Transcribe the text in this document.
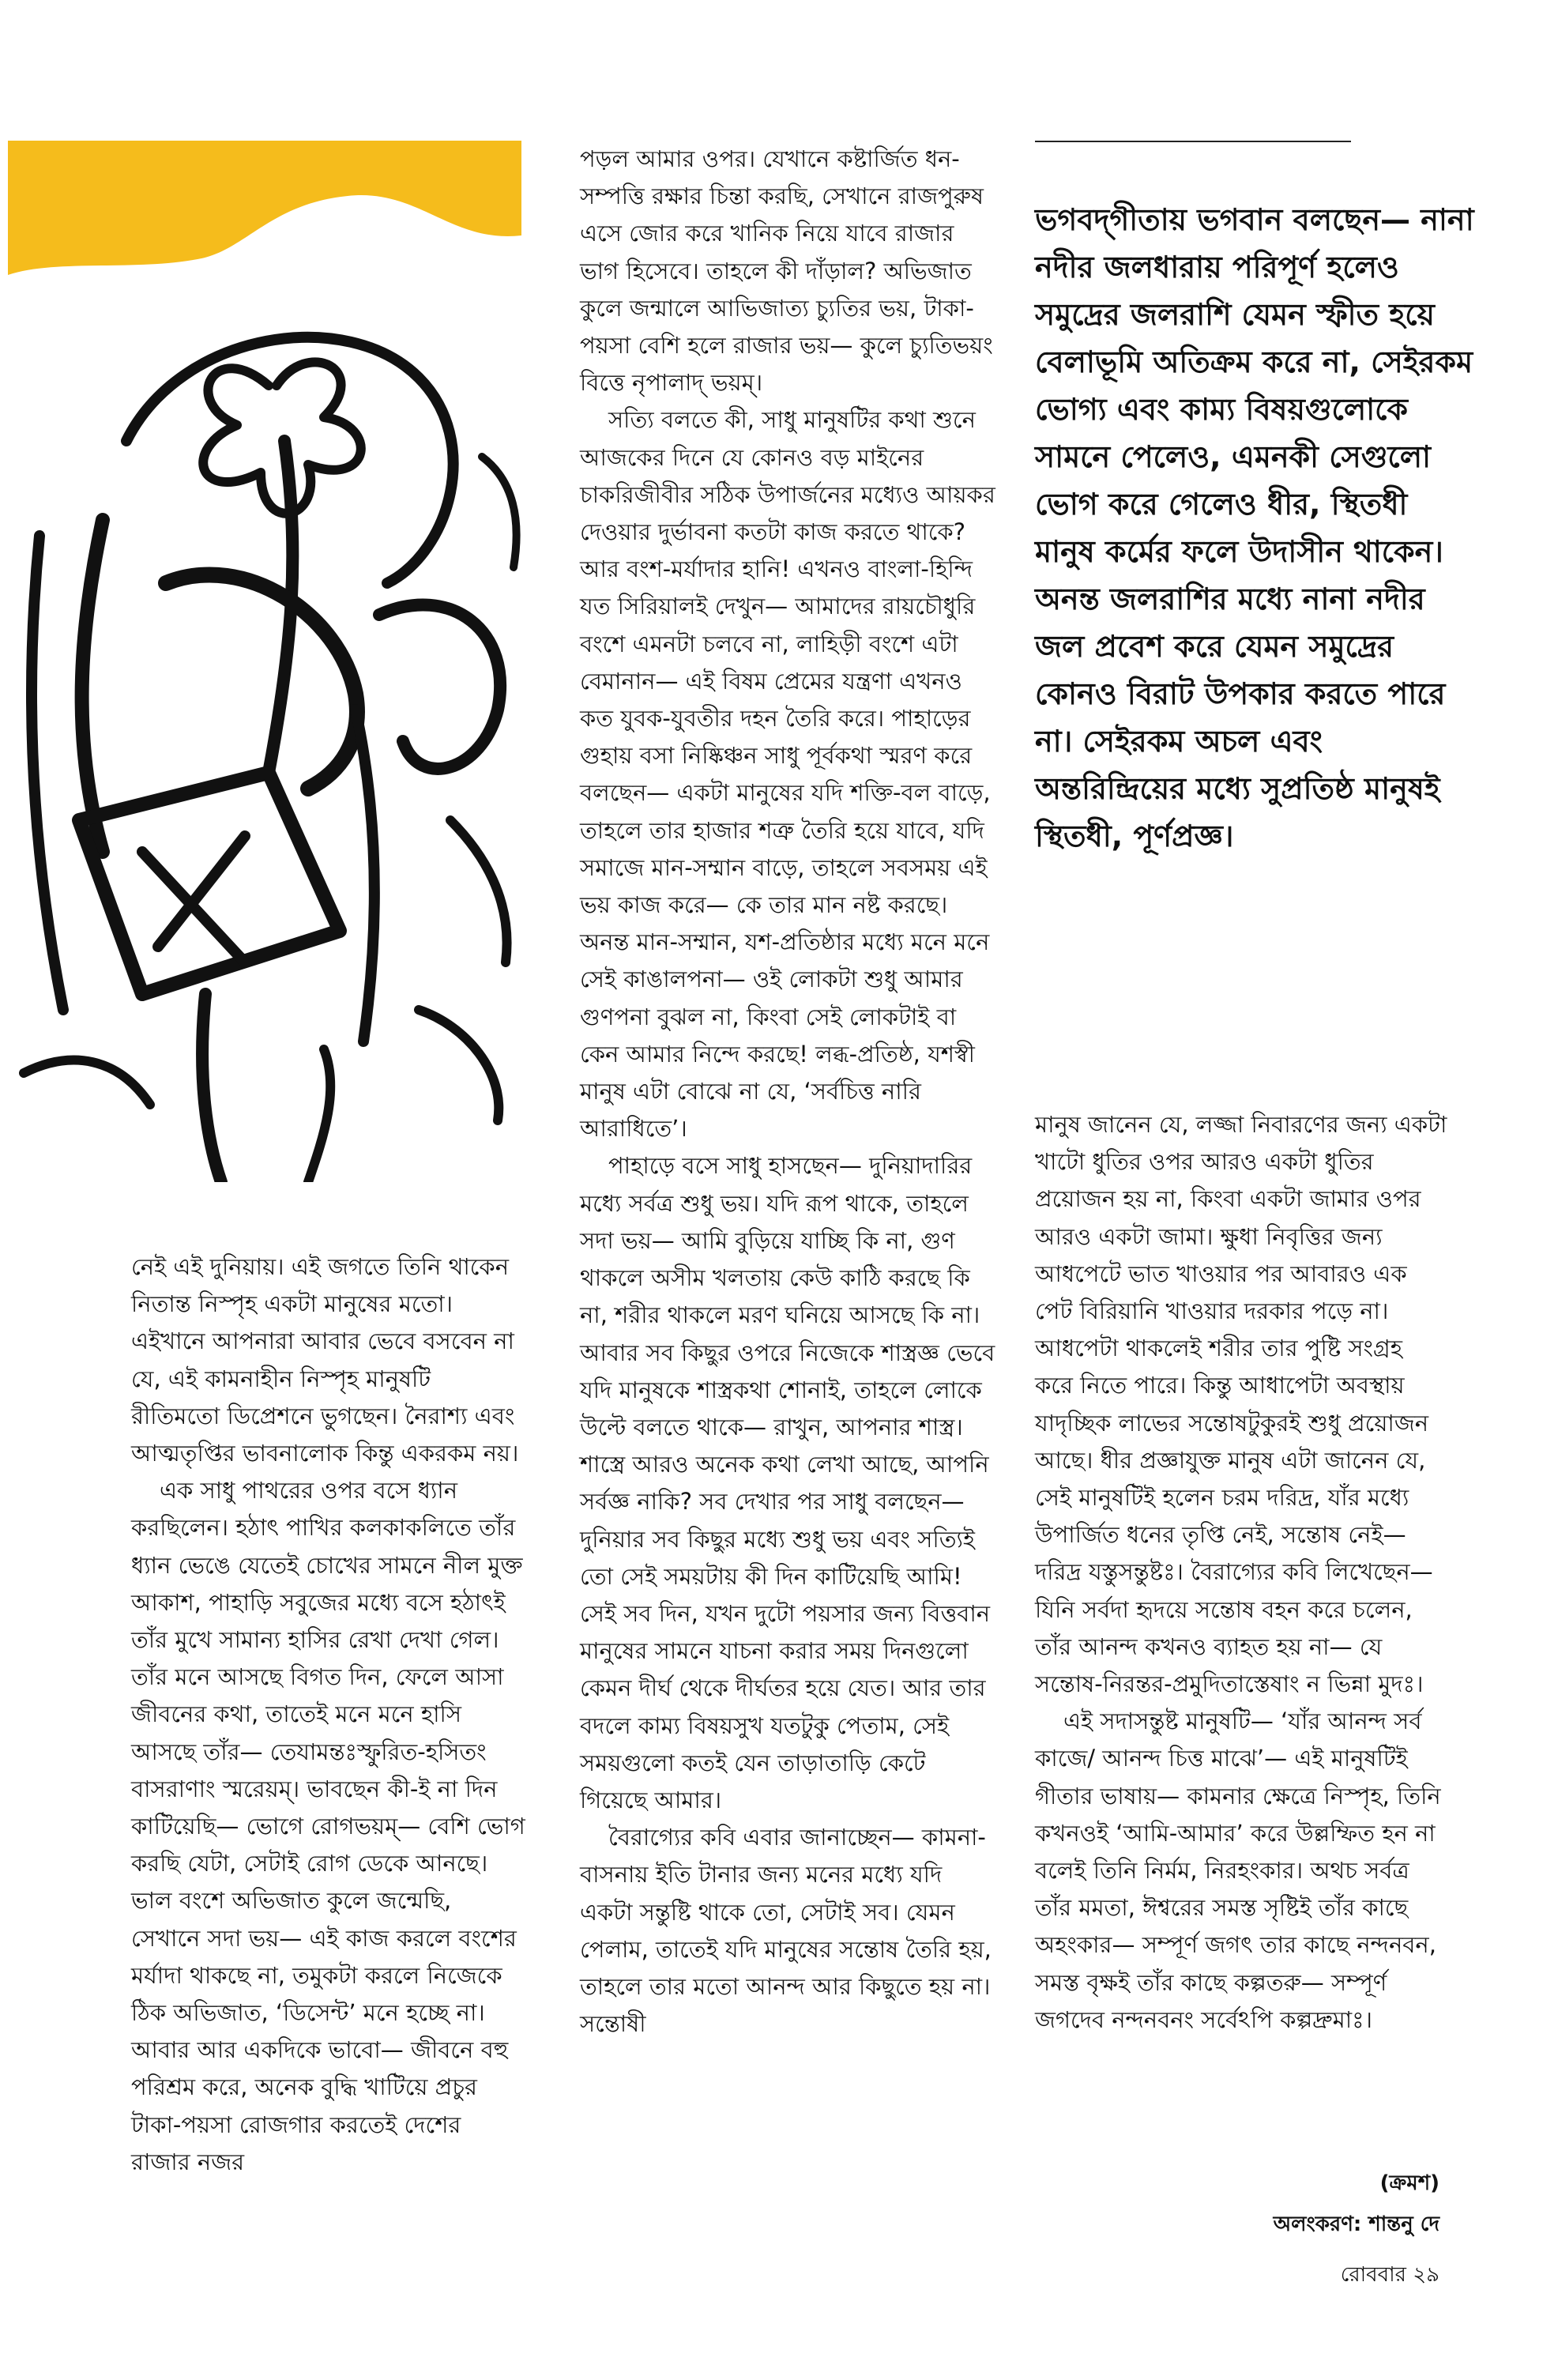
নেই এই দুনিয়ায়। এই জগতে তিনি থাকেন নিতান্ত নিস্পৃহ একটা মানুষের মতো। এইখানে আপনারা আবার ভেবে বসবেন না যে, এই কামনাহীন নিস্পৃহ মানুষটি রীতিমতো ডিপ্রেশনে ভুগছেন। নৈরাশ্য এবং আত্মতৃপ্তির ভাবনালোক কিন্তু একরকম নয়।

এক সাধু পাথরের ওপর বসে ধ্যান করছিলেন। হঠাৎ পাখির কলকাকলিতে তাঁর ধ্যান ভেঙে যেতেই চোখের সামনে নীল মুক্ত আকাশ, পাহাড়ি সবুজের মধ্যে বসে হঠাৎই তাঁর মুখে সামান্য হাসির রেখা দেখা গেল। তাঁর মনে আসছে বিগত দিন, ফেলে আসা জীবনের কথা, তাতেই মনে মনে হাসি আসছে তাঁর— তেযামন্তঃস্ফুরিত-হসিতং বাসরাণাং স্মরেয়ম্। ভাবছেন কী-ই না দিন কাটিয়েছি— ভোগে রোগভয়ম্— বেশি ভোগ করছি যেটা, সেটাই রোগ ডেকে আনছে। ভাল বংশে অভিজাত কুলে জন্মেছি, সেখানে সদা ভয়— এই কাজ করলে বংশের মর্যাদা থাকছে না, তমুকটা করলে নিজেকে ঠিক অভিজাত, ‘ডিসেন্ট’ মনে হচ্ছে না। আবার আর একদিকে ভাবো— জীবনে বহু পরিশ্রম করে, অনেক বুদ্ধি খাটিয়ে প্রচুর টাকা-পয়সা রোজগার করতেই দেশের রাজার নজর

পড়ল আমার ওপর। যেখানে কষ্টার্জিত ধন-সম্পত্তি রক্ষার চিন্তা করছি, সেখানে রাজপুরুষ এসে জোর করে খানিক নিয়ে যাবে রাজার ভাগ হিসেবে। তাহলে কী দাঁড়াল? অভিজাত কুলে জন্মালে আভিজাত্য চ্যুতির ভয়, টাকা-পয়সা বেশি হলে রাজার ভয়— কুলে চ্যুতিভয়ং বিত্তে নৃপালাদ্ ভয়ম্।

সত্যি বলতে কী, সাধু মানুষটির কথা শুনে আজকের দিনে যে কোনও বড় মাইনের চাকরিজীবীর সঠিক উপার্জনের মধ্যেও আয়কর দেওয়ার দুর্ভাবনা কতটা কাজ করতে থাকে? আর বংশ-মর্যাদার হানি! এখনও বাংলা-হিন্দি যত সিরিয়ালই দেখুন— আমাদের রায়চৌধুরি বংশে এমনটা চলবে না, লাহিড়ী বংশে এটা বেমানান— এই বিষম প্রেমের যন্ত্রণা এখনও কত যুবক-যুবতীর দহন তৈরি করে। পাহাড়ের গুহায় বসা নিষ্কিঞ্চন সাধু পূর্বকথা স্মরণ করে বলছেন— একটা মানুষের যদি শক্তি-বল বাড়ে, তাহলে তার হাজার শত্রু তৈরি হয়ে যাবে, যদি সমাজে মান-সম্মান বাড়ে, তাহলে সবসময় এই ভয় কাজ করে— কে তার মান নষ্ট করছে। অনন্ত মান-সম্মান, যশ-প্রতিষ্ঠার মধ্যে মনে মনে সেই কাঙালপনা— ওই লোকটা শুধু আমার গুণপনা বুঝল না, কিংবা সেই লোকটাই বা কেন আমার নিন্দে করছে! লব্ধ-প্রতিষ্ঠ, যশস্বী মানুষ এটা বোঝে না যে, ‘সর্বচিত্ত নারি আরাধিতে’।

পাহাড়ে বসে সাধু হাসছেন— দুনিয়াদারির মধ্যে সর্বত্র শুধু ভয়। যদি রূপ থাকে, তাহলে সদা ভয়— আমি বুড়িয়ে যাচ্ছি কি না, গুণ থাকলে অসীম খলতায় কেউ কাঠি করছে কি না, শরীর থাকলে মরণ ঘনিয়ে আসছে কি না। আবার সব কিছুর ওপরে নিজেকে শাস্ত্রজ্ঞ ভেবে যদি মানুষকে শাস্ত্রকথা শোনাই, তাহলে লোকে উল্টে বলতে থাকে— রাখুন, আপনার শাস্ত্র। শাস্ত্রে আরও অনেক কথা লেখা আছে, আপনি সর্বজ্ঞ নাকি? সব দেখার পর সাধু বলছেন— দুনিয়ার সব কিছুর মধ্যে শুধু ভয় এবং সত্যিই তো সেই সময়টায় কী দিন কাটিয়েছি আমি! সেই সব দিন, যখন দুটো পয়সার জন্য বিত্তবান মানুষের সামনে যাচনা করার সময় দিনগুলো কেমন দীর্ঘ থেকে দীর্ঘতর হয়ে যেত। আর তার বদলে কাম্য বিষয়সুখ যতটুকু পেতাম, সেই সময়গুলো কতই যেন তাড়াতাড়ি কেটে গিয়েছে আমার।

বৈরাগ্যের কবি এবার জানাচ্ছেন— কামনা-বাসনায় ইতি টানার জন্য মনের মধ্যে যদি একটা সন্তুষ্টি থাকে তো, সেটাই সব। যেমন পেলাম, তাতেই যদি মানুষের সন্তোষ তৈরি হয়, তাহলে তার মতো আনন্দ আর কিছুতে হয় না। সন্তোষী

ভগবদ্‌গীতায় ভগবান বলছেন— নানা নদীর জলধারায় পরিপূর্ণ হলেও সমুদ্রের জলরাশি যেমন স্ফীত হয়ে বেলাভূমি অতিক্রম করে না, সেইরকম ভোগ্য এবং কাম্য বিষয়গুলোকে সামনে পেলেও, এমনকী সেগুলো ভোগ করে গেলেও ধীর, স্থিতধী মানুষ কর্মের ফলে উদাসীন থাকেন। অনন্ত জলরাশির মধ্যে নানা নদীর জল প্রবেশ করে যেমন সমুদ্রের কোনও বিরাট উপকার করতে পারে না। সেইরকম অচল এবং অন্তরিন্দ্রিয়ের মধ্যে সুপ্রতিষ্ঠ মানুষই স্থিতধী, পূর্ণপ্রজ্ঞ।

মানুষ জানেন যে, লজ্জা নিবারণের জন্য একটা খাটো ধুতির ওপর আরও একটা ধুতির প্রয়োজন হয় না, কিংবা একটা জামার ওপর আরও একটা জামা। ক্ষুধা নিবৃত্তির জন্য আধপেটে ভাত খাওয়ার পর আবারও এক পেট বিরিয়ানি খাওয়ার দরকার পড়ে না। আধপেটা থাকলেই শরীর তার পুষ্টি সংগ্রহ করে নিতে পারে। কিন্তু আধাপেটা অবস্থায় যাদৃচ্ছিক লাভের সন্তোষটুকুরই শুধু প্রয়োজন আছে। ধীর প্রজ্ঞাযুক্ত মানুষ এটা জানেন যে, সেই মানুষটিই হলেন চরম দরিদ্র, যাঁর মধ্যে উপার্জিত ধনের তৃপ্তি নেই, সন্তোষ নেই— দরিদ্র যস্তুসন্তুষ্টঃ। বৈরাগ্যের কবি লিখেছেন— যিনি সর্বদা হৃদয়ে সন্তোষ বহন করে চলেন, তাঁর আনন্দ কখনও ব্যাহত হয় না— যে সন্তোষ-নিরন্তর-প্রমুদিতাস্তেষাং ন ভিন্না মুদঃ।

এই সদাসন্তুষ্ট মানুষটি— ‘যাঁর আনন্দ সর্ব কাজে/ আনন্দ চিত্ত মাঝে’— এই মানুষটিই গীতার ভাষায়— কামনার ক্ষেত্রে নিস্পৃহ, তিনি কখনওই ‘আমি-আমার’ করে উল্লম্ফিত হন না বলেই তিনি নির্মম, নিরহংকার। অথচ সর্বত্র তাঁর মমতা, ঈশ্বরের সমস্ত সৃষ্টিই তাঁর কাছে অহংকার— সম্পূর্ণ জগৎ তার কাছে নন্দনবন, সমস্ত বৃক্ষই তাঁর কাছে কল্পতরু— সম্পূর্ণ জগদেব নন্দনবনং সর্বেঽপি কল্পদ্রুমাঃ।

(ক্রমশ)

অলংকরণ: শান্তনু দে

রোববার ২৯
